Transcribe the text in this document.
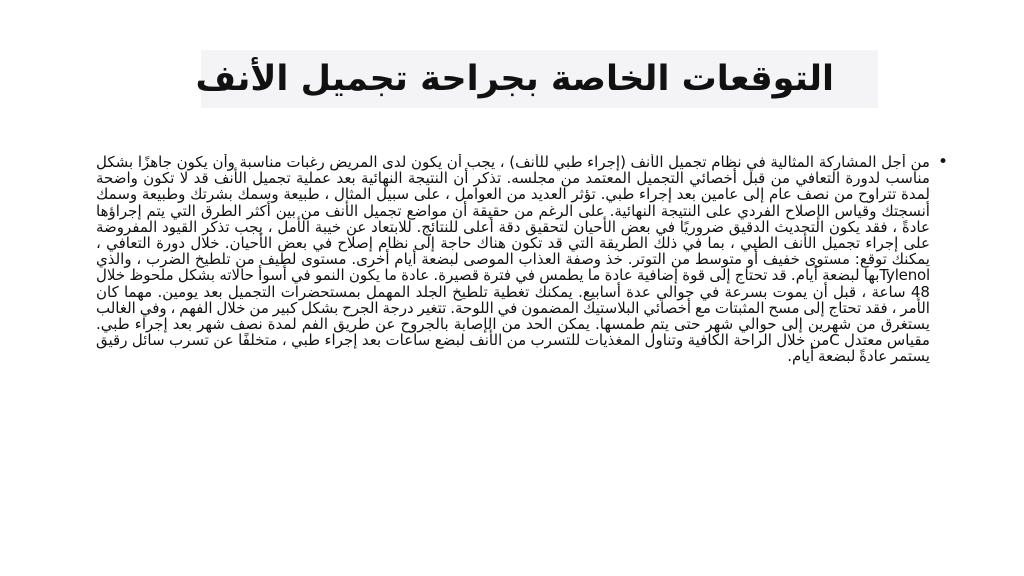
التوقعات الخاصة بجراحة تجميل الأنف
•
من أجل المشاركة المثالية في نظام تجميل الأنف (إجراء طبي للأنف) ، يجب أن يكون لدى المريض رغبات مناسبة وأن يكون جاهزًا بشكل مناسب لدورة التعافي من قبل أخصائي التجميل المعتمد من مجلسه. تذكر أن النتيجة النهائية بعد عملية تجميل الأنف قد لا تكون واضحة لمدة تتراوح من نصف عام إلى عامين بعد إجراء طبي. تؤثر العديد من العوامل ، على سبيل المثال ، طبيعة وسمك بشرتك وطبيعة وسمك أنسجتك وقياس الإصلاح الفردي على النتيجة النهائية. على الرغم من حقيقة أن مواضع تجميل الأنف من بين أكثر الطرق التي يتم إجراؤها عادةً ، فقد يكون التحديث الدقيق ضروريًا في بعض الأحيان لتحقيق دقة أعلى للنتائج. للابتعاد عن خيبة الأمل ، يجب تذكر القيود المفروضة على إجراء تجميل الأنف الطبي ، بما في ذلك الطريقة التي قد تكون هناك حاجة إلى نظام إصلاح في بعض الأحيان. خلال دورة التعافي ، يمكنك توقع: مستوى خفيف أو متوسط من التوتر. خذ وصفة العذاب الموصى لبضعة أيام أخرى. مستوى لطيف من تلطيخ الضرب ، والذي Tylenolبها لبضعة أيام. قد تحتاج إلى قوة إضافية عادة ما يطمس في فترة قصيرة. عادة ما يكون النمو في أسوأ حالاته بشكل ملحوظ خلال 48 ساعة ، قبل أن يموت بسرعة في حوالي عدة أسابيع. يمكنك تغطية تلطيخ الجلد المهمل بمستحضرات التجميل بعد يومين. مهما كان الأمر ، فقد تحتاج إلى مسح المثبتات مع أخصائي البلاستيك المضمون في اللوحة. تتغير درجة الجرح بشكل كبير من خلال الفهم ، وفي الغالب يستغرق من شهرين إلى حوالي شهر حتى يتم طمسها. يمكن الحد من الإصابة بالجروح عن طريق الفم لمدة نصف شهر بعد إجراء طبي. مقياس معتدل Cمن خلال الراحة الكافية وتناول المغذيات للتسرب من الأنف لبضع ساعات بعد إجراء طبي ، متخلفًا عن تسرب سائل رقيق يستمر عادةً لبضعة أيام.
